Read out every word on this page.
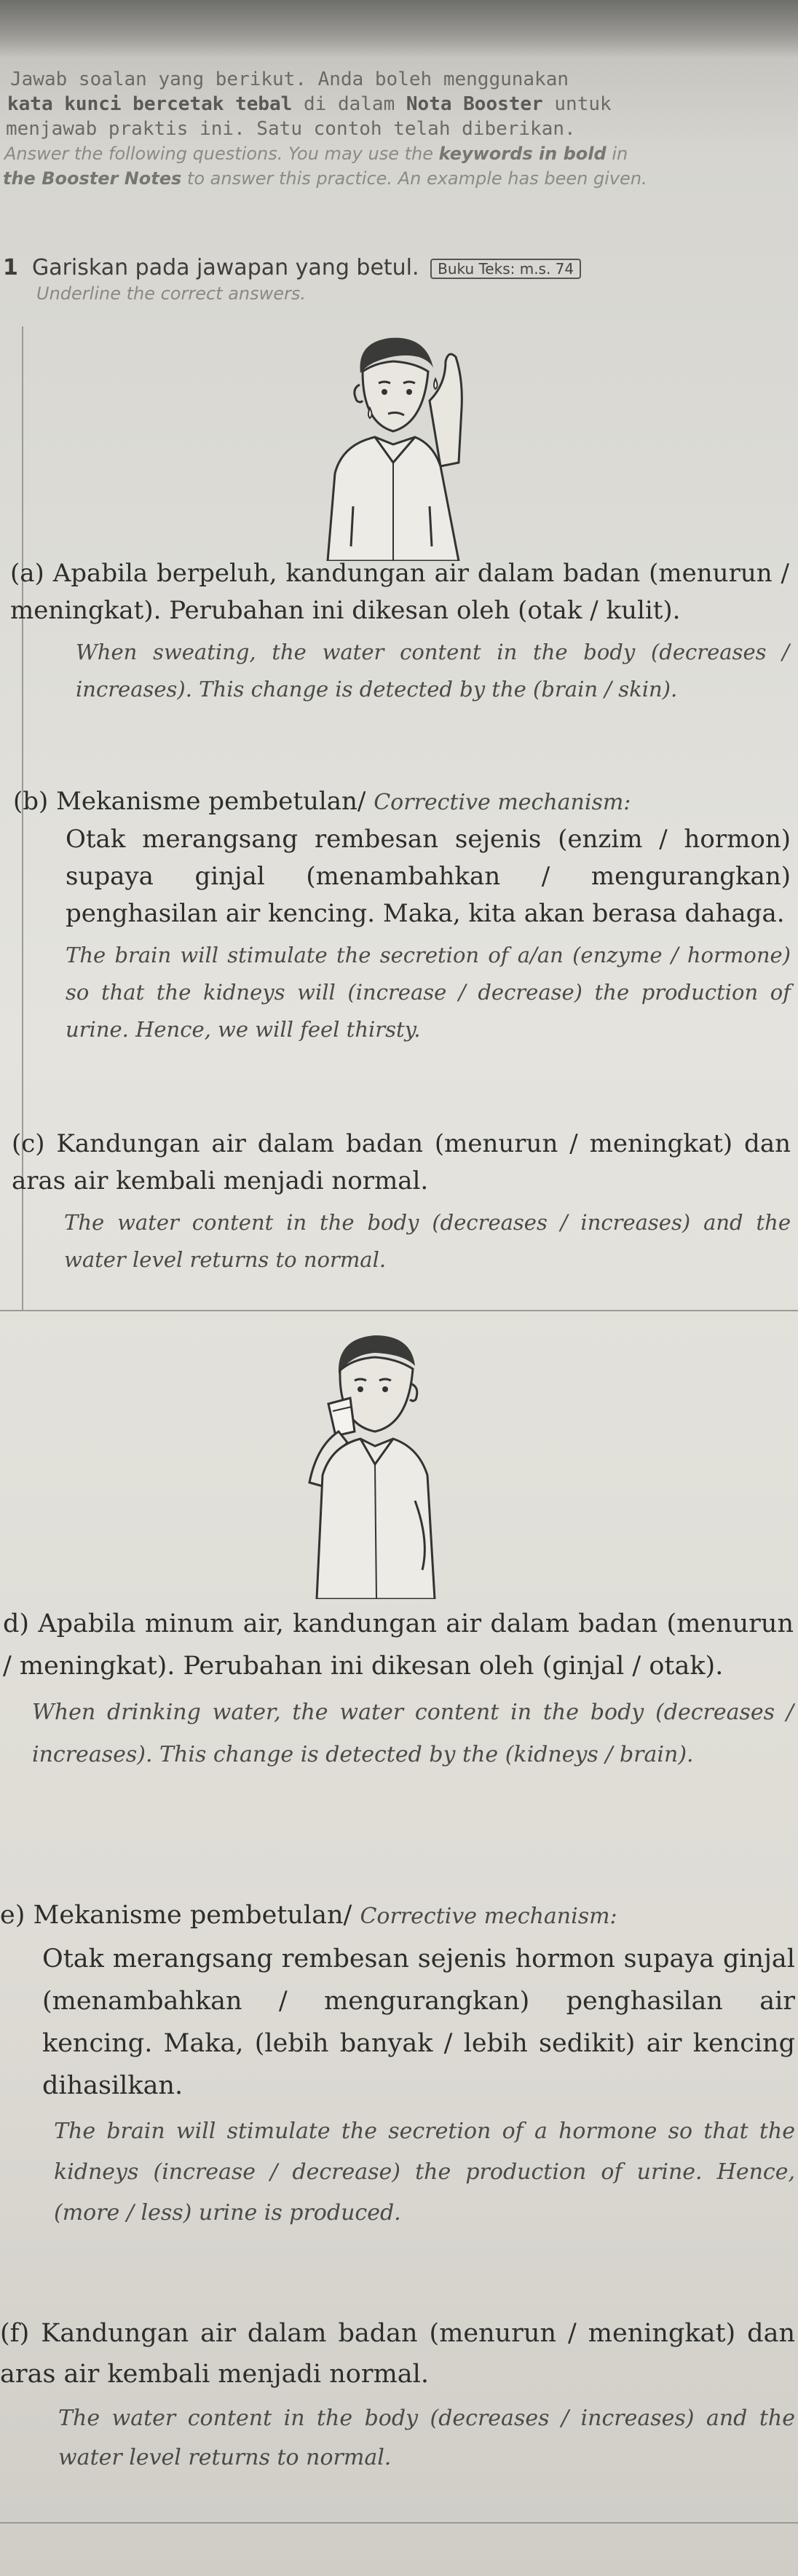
Jawab soalan yang berikut. Anda boleh menggunakan

kata kunci bercetak tebal di dalam Nota Booster untuk

menjawab praktis ini. Satu contoh telah diberikan.

Answer the following questions. You may use the keywords in bold in

the Booster Notes to answer this practice. An example has been given.

1 Gariskan pada jawapan yang betul. Buku Teks: m.s. 74
Underline the correct answers.

(a) Apabila berpeluh, kandungan air dalam badan (menurun / meningkat). Perubahan ini dikesan oleh (otak / kulit).

When sweating, the water content in the body (decreases / increases). This change is detected by the (brain / skin).

(b) Mekanisme pembetulan/ Corrective mechanism:

Otak merangsang rembesan sejenis (enzim / hormon) supaya ginjal (menambahkan / mengurangkan) penghasilan air kencing. Maka, kita akan berasa dahaga.

The brain will stimulate the secretion of a/an (enzyme / hormone) so that the kidneys will (increase / decrease) the production of urine. Hence, we will feel thirsty.

(c) Kandungan air dalam badan (menurun / meningkat) dan aras air kembali menjadi normal.

The water content in the body (decreases / increases) and the water level returns to normal.

d) Apabila minum air, kandungan air dalam badan (menurun / meningkat). Perubahan ini dikesan oleh (ginjal / otak).

When drinking water, the water content in the body (decreases / increases). This change is detected by the (kidneys / brain).

e) Mekanisme pembetulan/ Corrective mechanism:

Otak merangsang rembesan sejenis hormon supaya ginjal (menambahkan / mengurangkan) penghasilan air kencing. Maka, (lebih banyak / lebih sedikit) air kencing dihasilkan.

The brain will stimulate the secretion of a hormone so that the kidneys (increase / decrease) the production of urine. Hence, (more / less) urine is produced.

(f) Kandungan air dalam badan (menurun / meningkat) dan aras air kembali menjadi normal.

The water content in the body (decreases / increases) and the water level returns to normal.
